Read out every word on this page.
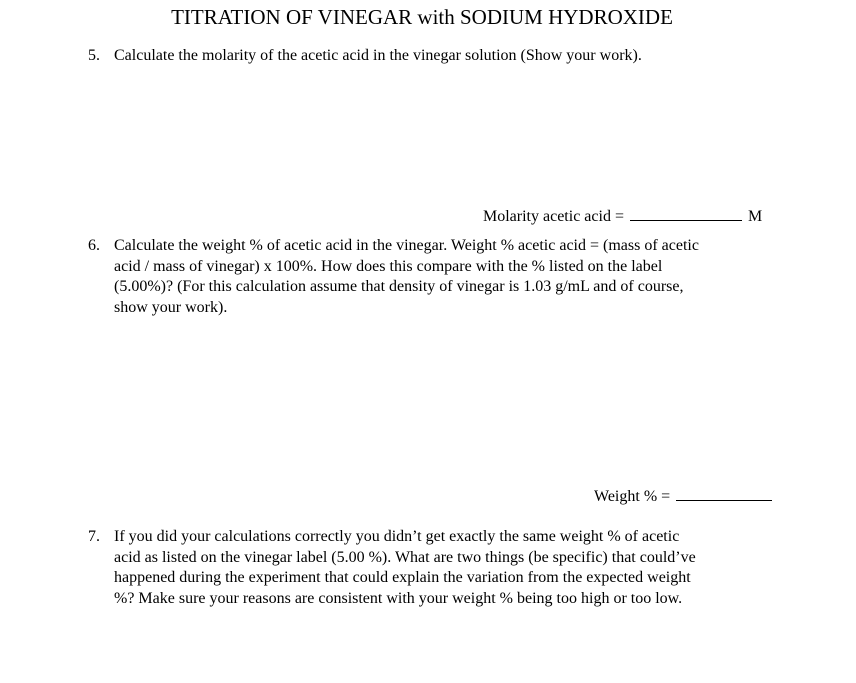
TITRATION OF VINEGAR with SODIUM HYDROXIDE
5. Calculate the molarity of the acetic acid in the vinegar solution (Show your work).
Molarity acetic acid =	M
6. Calculate the weight % of acetic acid in the vinegar. Weight % acetic acid = (mass of acetic
acid / mass of vinegar) x 100%. How does this compare with the % listed on the label
(5.00%)? (For this calculation assume that density of vinegar is 1.03 g/mL and of course,
show your work).
Weight % =
7. If you did your calculations correctly you didn’t get exactly the same weight % of acetic
acid as listed on the vinegar label (5.00 %). What are two things (be specific) that could’ve
happened during the experiment that could explain the variation from the expected weight
%? Make sure your reasons are consistent with your weight % being too high or too low.
